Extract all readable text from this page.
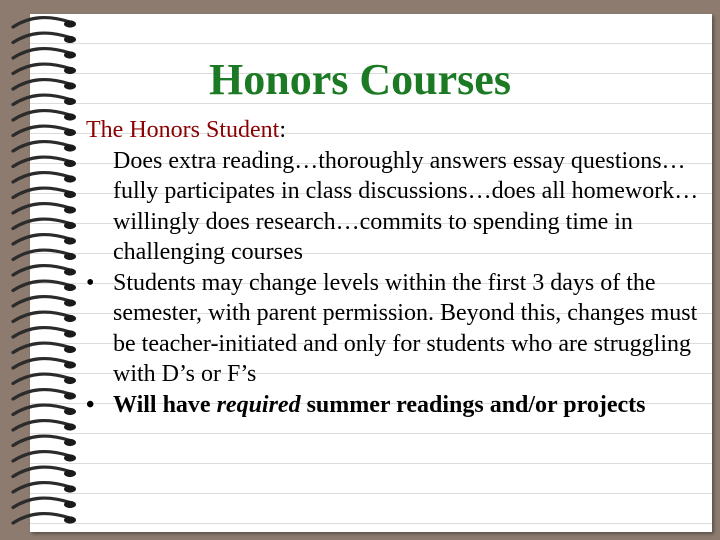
Honors Courses

The Honors Student:

Does extra reading…thoroughly answers essay questions…fully participates in class discussions…does all homework…willingly does research…commits to spending time in challenging courses

• Students may change levels within the first 3 days of the semester, with parent permission. Beyond this, changes must be teacher-initiated and only for students who are struggling with D’s or F’s
• Will have required summer readings and/or projects
